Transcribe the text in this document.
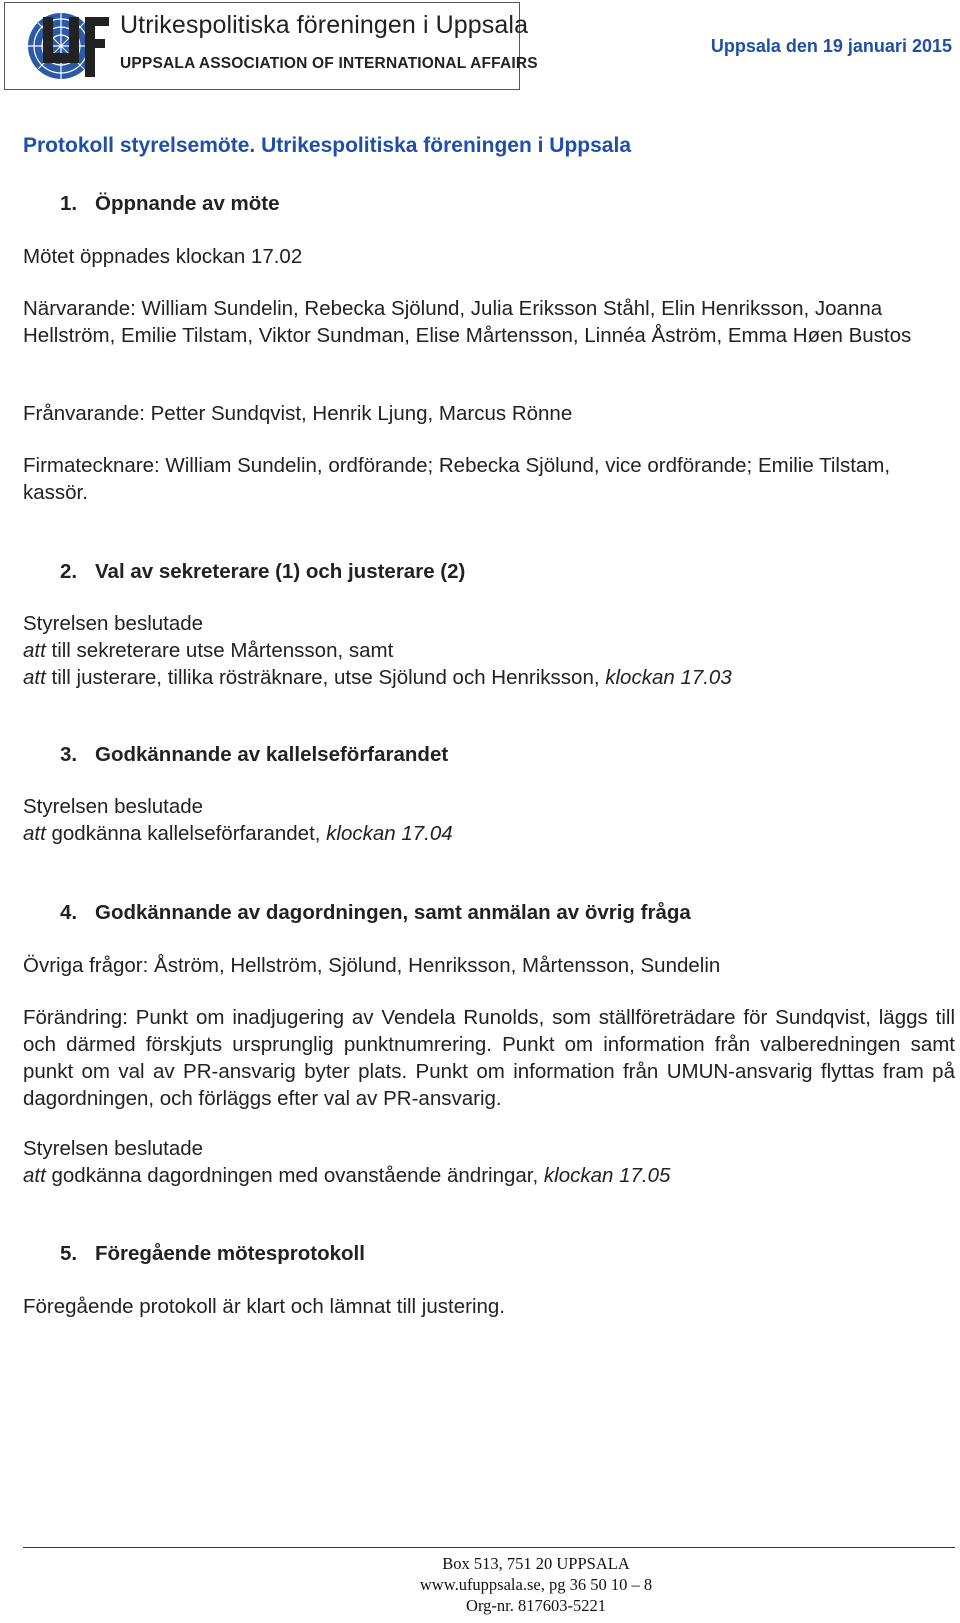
Utrikespolitiska föreningen i Uppsala
UPPSALA ASSOCIATION OF INTERNATIONAL AFFAIRS
Uppsala den 19 januari 2015
Protokoll styrelsemöte. Utrikespolitiska föreningen i Uppsala
1. Öppnande av möte
Mötet öppnades klockan 17.02
Närvarande: William Sundelin, Rebecka Sjölund, Julia Eriksson Ståhl, Elin Henriksson, Joanna Hellström, Emilie Tilstam, Viktor Sundman, Elise Mårtensson, Linnéa Åström, Emma Høen Bustos
Frånvarande: Petter Sundqvist, Henrik Ljung, Marcus Rönne
Firmatecknare: William Sundelin, ordförande; Rebecka Sjölund, vice ordförande; Emilie Tilstam, kassör.
2. Val av sekreterare (1) och justerare (2)
Styrelsen beslutade
att till sekreterare utse Mårtensson, samt
att till justerare, tillika rösträknare, utse Sjölund och Henriksson, klockan 17.03
3. Godkännande av kallelseförfarandet
Styrelsen beslutade
att godkänna kallelseförfarandet, klockan 17.04
4. Godkännande av dagordningen, samt anmälan av övrig fråga
Övriga frågor: Åström, Hellström, Sjölund, Henriksson, Mårtensson, Sundelin
Förändring: Punkt om inadjugering av Vendela Runolds, som ställföreträdare för Sundqvist, läggs till och därmed förskjuts ursprunglig punktnumrering. Punkt om information från valberedningen samt punkt om val av PR-ansvarig byter plats. Punkt om information från UMUN-ansvarig flyttas fram på dagordningen, och förläggs efter val av PR-ansvarig.
Styrelsen beslutade
att godkänna dagordningen med ovanstående ändringar, klockan 17.05
5. Föregående mötesprotokoll
Föregående protokoll är klart och lämnat till justering.
Box 513, 751 20 UPPSALA
www.ufuppsala.se, pg 36 50 10 – 8
Org-nr. 817603-5221
